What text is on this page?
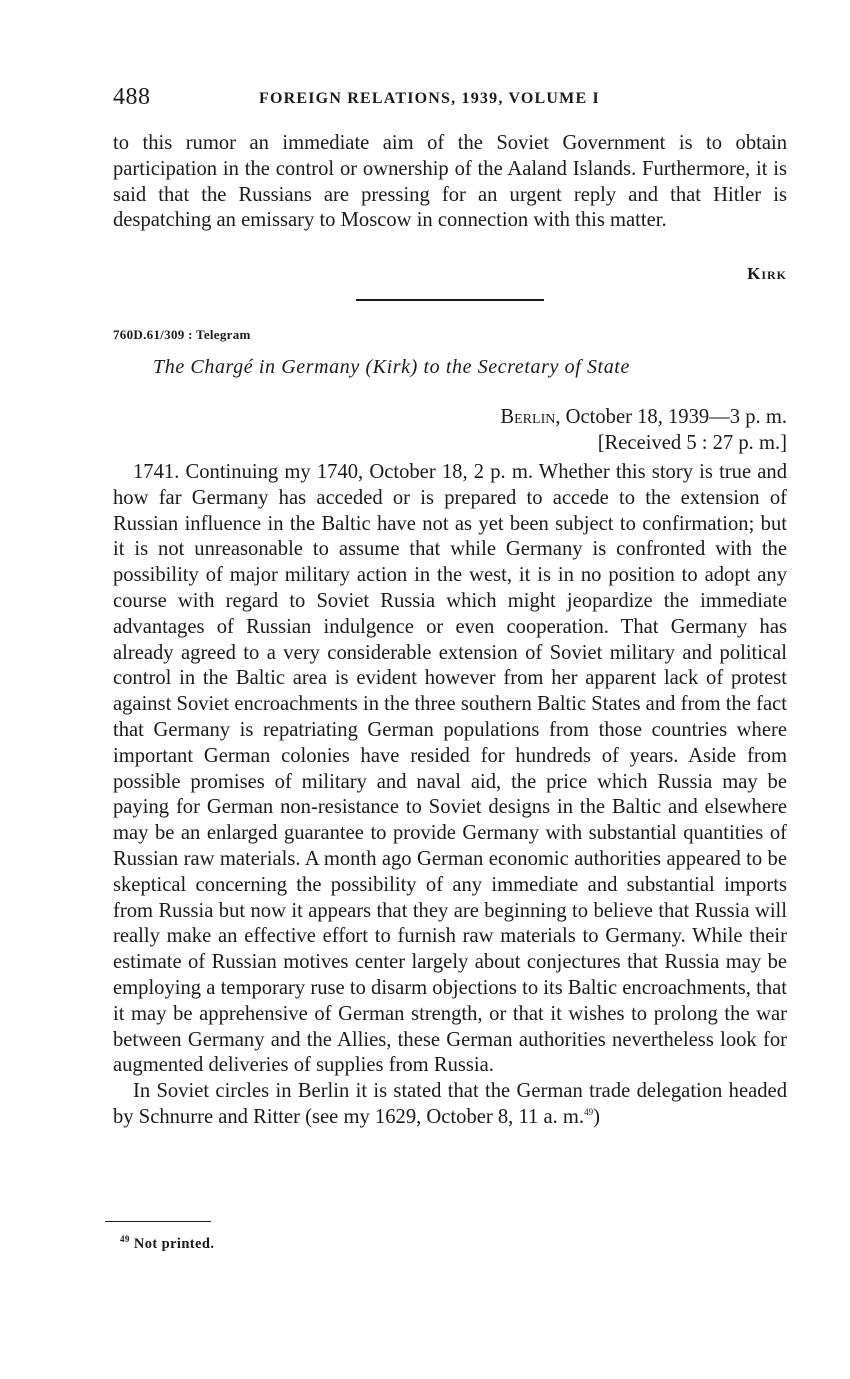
488	FOREIGN RELATIONS, 1939, VOLUME I

to this rumor an immediate aim of the Soviet Government is to obtain participation in the control or ownership of the Aaland Islands. Furthermore, it is said that the Russians are pressing for an urgent reply and that Hitler is despatching an emissary to Moscow in connection with this matter.

Kirk
760D.61/309 : Telegram
The Chargé in Germany (Kirk) to the Secretary of State
Berlin, October 18, 1939—3 p. m.
[Received 5 : 27 p. m.]

1741. Continuing my 1740, October 18, 2 p. m. Whether this story is true and how far Germany has acceded or is prepared to accede to the extension of Russian influence in the Baltic have not as yet been subject to confirmation; but it is not unreasonable to assume that while Germany is confronted with the possibility of major military action in the west, it is in no position to adopt any course with regard to Soviet Russia which might jeopardize the immediate advantages of Russian indulgence or even cooperation. That Germany has already agreed to a very considerable extension of Soviet military and political control in the Baltic area is evident however from her apparent lack of protest against Soviet encroachments in the three southern Baltic States and from the fact that Germany is repatriating German populations from those countries where important German colonies have resided for hundreds of years. Aside from possible promises of military and naval aid, the price which Russia may be paying for German non-resistance to Soviet designs in the Baltic and elsewhere may be an enlarged guarantee to provide Germany with substantial quantities of Russian raw materials. A month ago German economic authorities appeared to be skeptical concerning the possibility of any immediate and substantial imports from Russia but now it appears that they are beginning to believe that Russia will really make an effective effort to furnish raw materials to Germany. While their estimate of Russian motives center largely about conjectures that Russia may be employing a temporary ruse to disarm objections to its Baltic encroachments, that it may be apprehensive of German strength, or that it wishes to prolong the war between Germany and the Allies, these German authorities nevertheless look for augmented deliveries of supplies from Russia.

In Soviet circles in Berlin it is stated that the German trade delegation headed by Schnurre and Ritter (see my 1629, October 8, 11 a. m.$^{49}$)

$^{49}$ Not printed.
